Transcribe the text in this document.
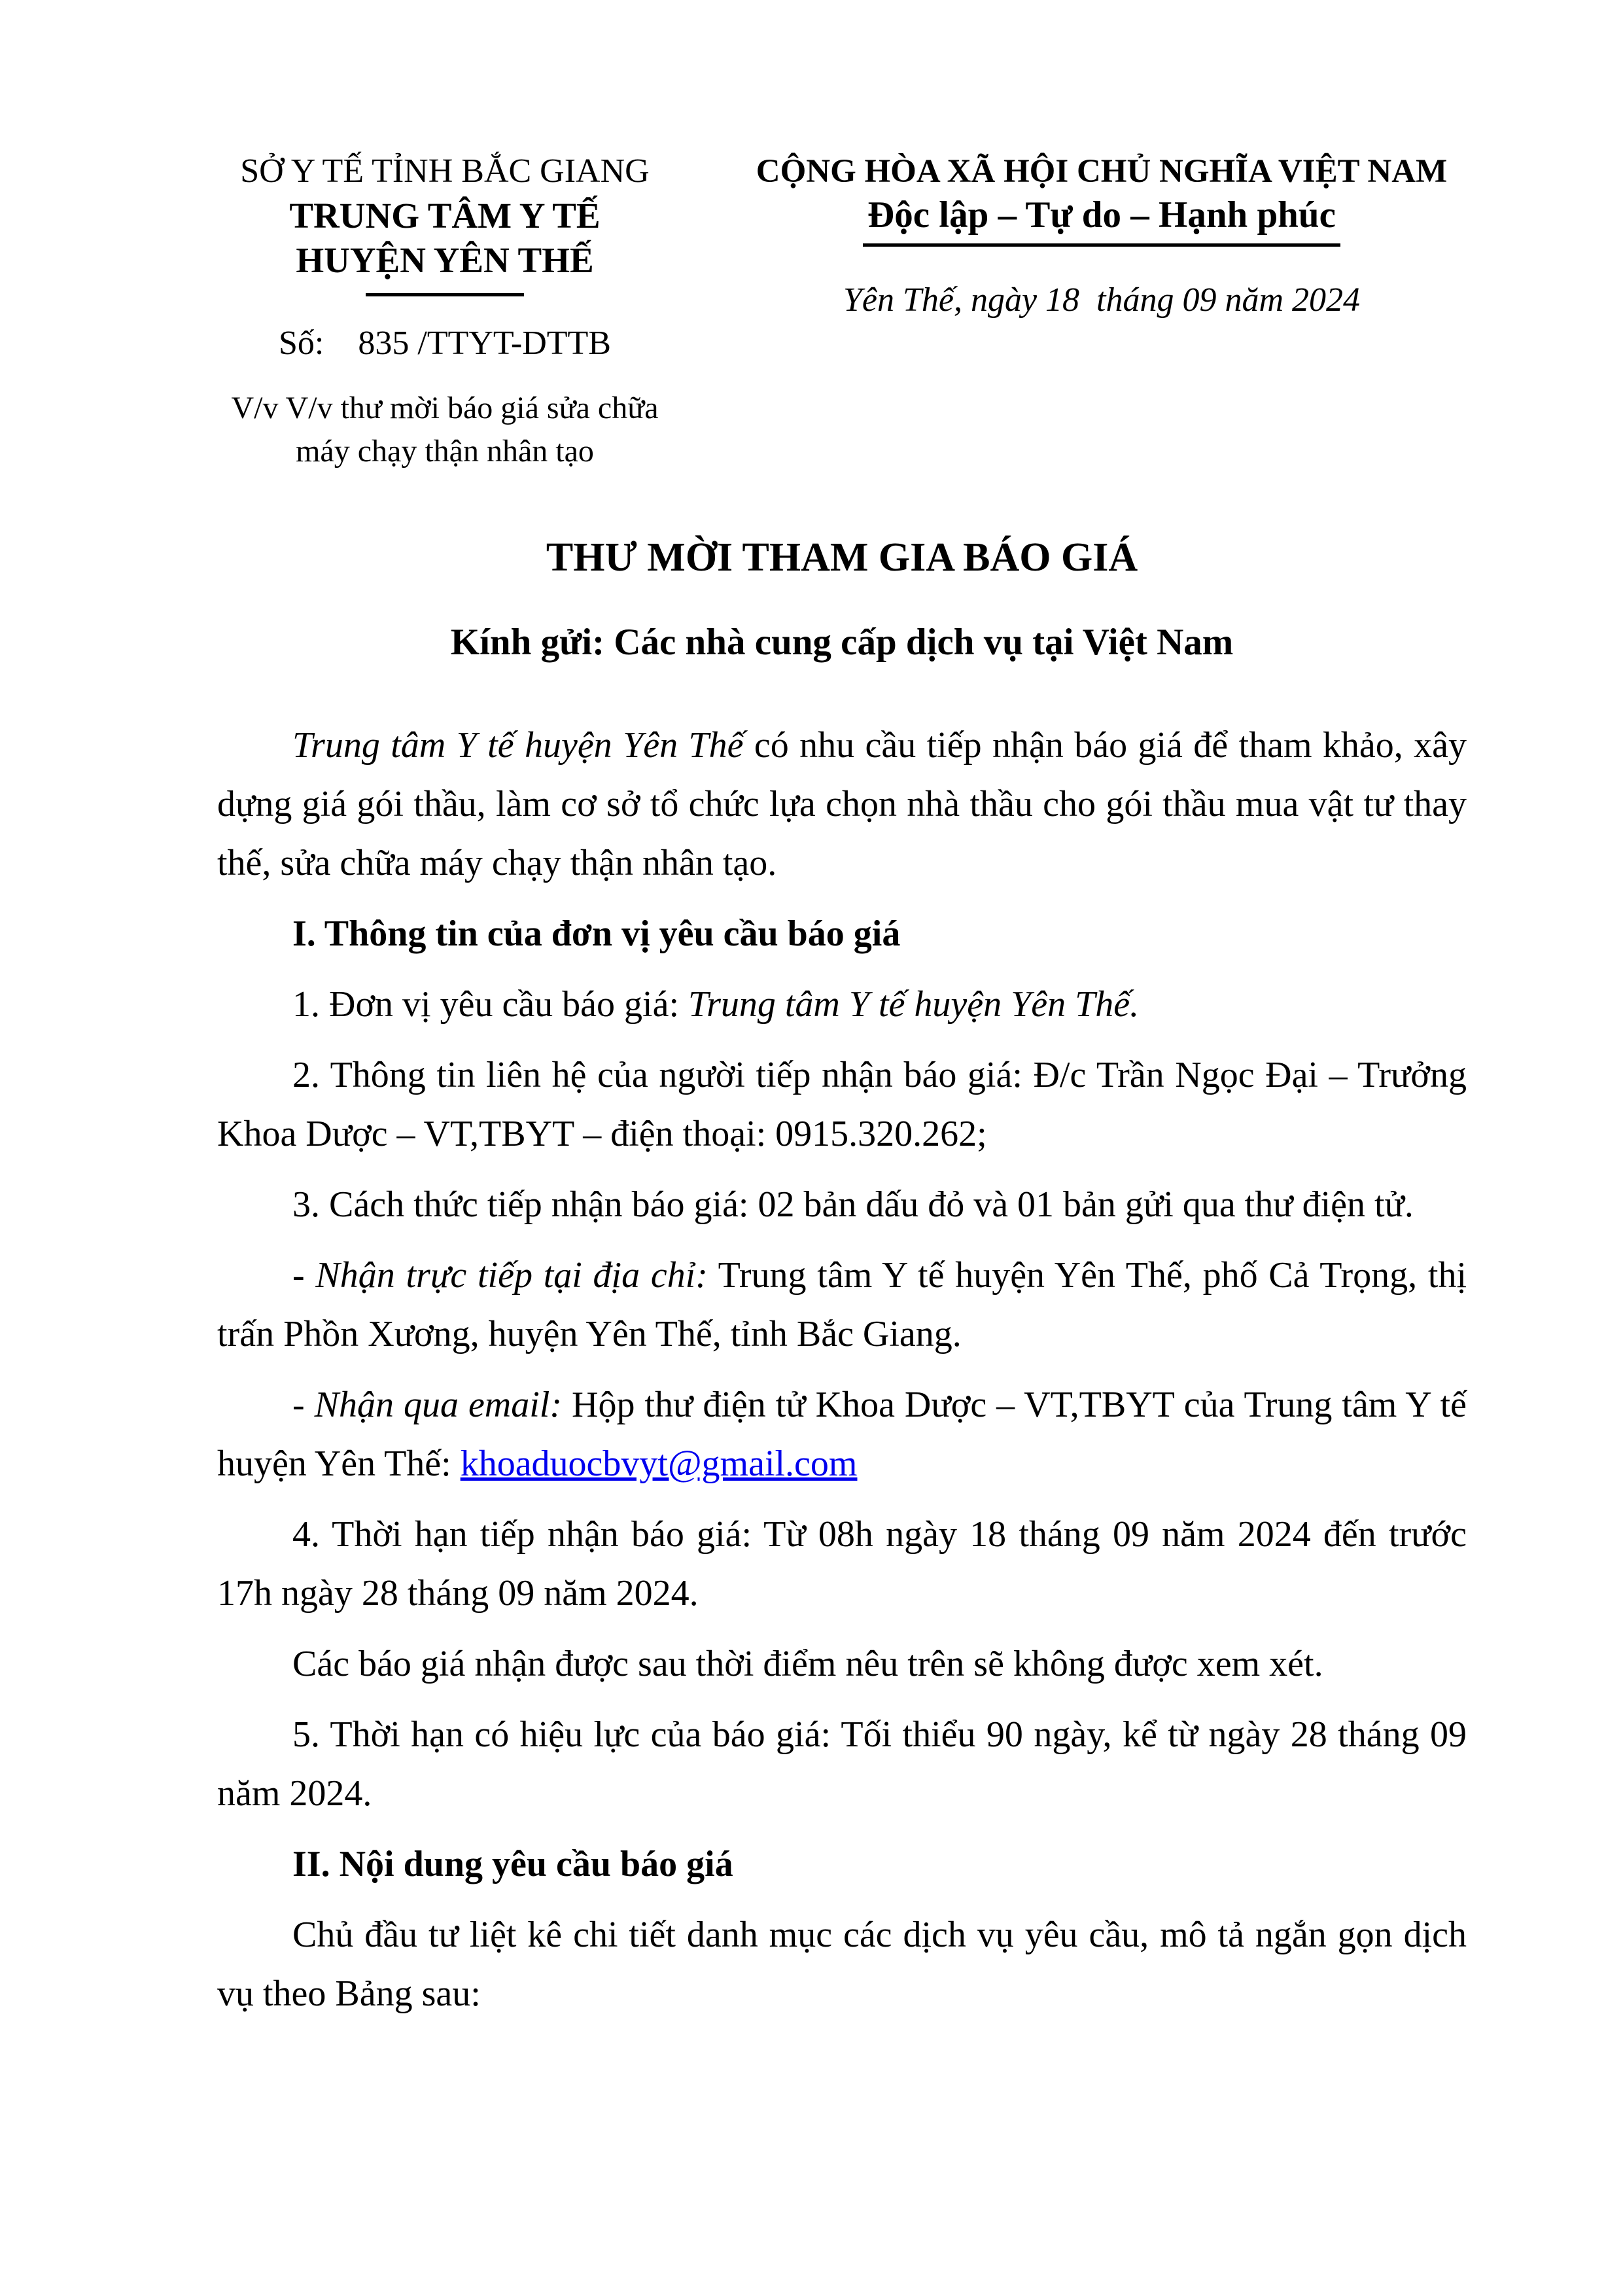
SỞ Y TẾ TỈNH BẮC GIANG
TRUNG TÂM Y TẾ
HUYỆN YÊN THẾ
Số:    835 /TTYT-DTTB
V/v V/v thư mời báo giá sửa chữa máy chạy thận nhân tạo
CỘNG HÒA XÃ HỘI CHỦ NGHĨA VIỆT NAM
Độc lập – Tự do – Hạnh phúc
Yên Thế, ngày 18  tháng 09 năm 2024
THƯ MỜI THAM GIA BÁO GIÁ
Kính gửi: Các nhà cung cấp dịch vụ tại Việt Nam

Trung tâm Y tế huyện Yên Thế có nhu cầu tiếp nhận báo giá để tham khảo, xây dựng giá gói thầu, làm cơ sở tổ chức lựa chọn nhà thầu cho gói thầu mua vật tư thay thế, sửa chữa máy chạy thận nhân tạo.

I. Thông tin của đơn vị yêu cầu báo giá

1. Đơn vị yêu cầu báo giá: Trung tâm Y tế huyện Yên Thế.

2. Thông tin liên hệ của người tiếp nhận báo giá: Đ/c Trần Ngọc Đại – Trưởng Khoa Dược – VT,TBYT – điện thoại: 0915.320.262;

3. Cách thức tiếp nhận báo giá: 02 bản dấu đỏ và 01 bản gửi qua thư điện tử.

- Nhận trực tiếp tại địa chỉ: Trung tâm Y tế huyện Yên Thế, phố Cả Trọng, thị trấn Phồn Xương, huyện Yên Thế, tỉnh Bắc Giang.

- Nhận qua email: Hộp thư điện tử Khoa Dược – VT,TBYT của Trung tâm Y tế huyện Yên Thế: khoaduocbvyt@gmail.com

4. Thời hạn tiếp nhận báo giá: Từ 08h ngày 18 tháng 09 năm 2024 đến trước 17h ngày 28 tháng 09 năm 2024.

Các báo giá nhận được sau thời điểm nêu trên sẽ không được xem xét.

5. Thời hạn có hiệu lực của báo giá: Tối thiểu 90 ngày, kể từ ngày 28 tháng 09 năm 2024.

II. Nội dung yêu cầu báo giá

Chủ đầu tư liệt kê chi tiết danh mục các dịch vụ yêu cầu, mô tả ngắn gọn dịch vụ theo Bảng sau:
